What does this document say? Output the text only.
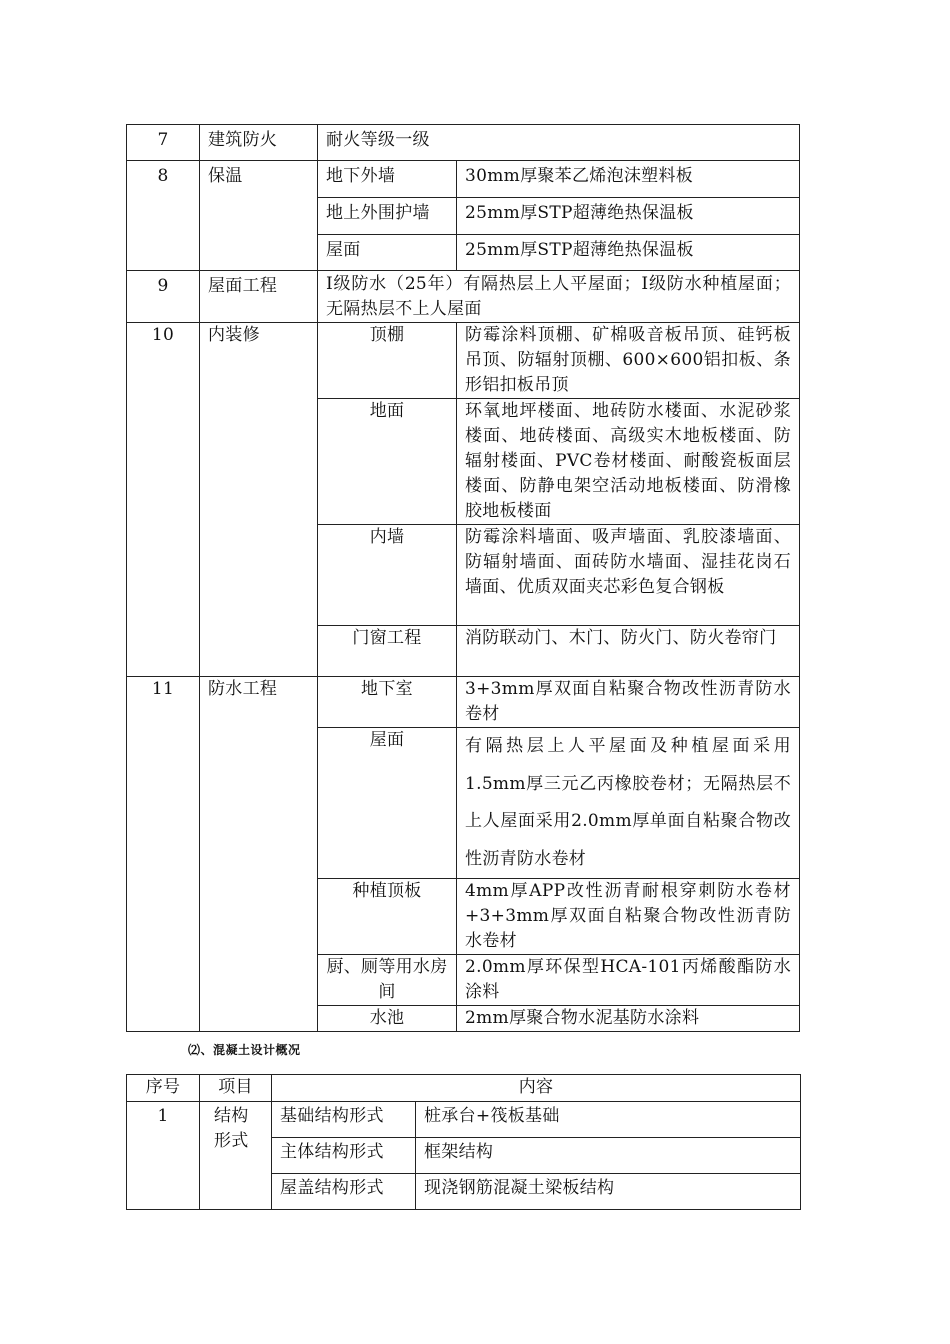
7	建筑防火	耐火等级一级	
8	保温	地下外墙	30mm厚聚苯乙烯泡沫塑料板
		地上外围护墙	25mm厚STP超薄绝热保温板
		屋面	25mm厚STP超薄绝热保温板
9	屋面工程	Ⅰ级防水（25年）有隔热层上人平屋面；Ⅰ级防水种植屋面；无隔热层不上人屋面	
10	内装修	顶棚	防霉涂料顶棚、矿棉吸音板吊顶、硅钙板吊顶、防辐射顶棚、600×600铝扣板、条形铝扣板吊顶
		地面	环氧地坪楼面、地砖防水楼面、水泥砂浆楼面、地砖楼面、高级实木地板楼面、防辐射楼面、PVC卷材楼面、耐酸瓷板面层楼面、防静电架空活动地板楼面、防滑橡胶地板楼面
		内墙	防霉涂料墙面、吸声墙面、乳胶漆墙面、防辐射墙面、面砖防水墙面、湿挂花岗石墙面、优质双面夹芯彩色复合钢板
		门窗工程	消防联动门、木门、防火门、防火卷帘门
11	防水工程	地下室	3+3mm厚双面自粘聚合物改性沥青防水卷材
		屋面	有隔热层上人平屋面及种植屋面采用1.5mm厚三元乙丙橡胶卷材；无隔热层不上人屋面采用2.0mm厚单面自粘聚合物改性沥青防水卷材
		种植顶板	4mm厚APP改性沥青耐根穿刺防水卷材+3+3mm厚双面自粘聚合物改性沥青防水卷材
		厨、厕等用水房间	2.0mm厚环保型HCA-101丙烯酸酯防水涂料
		水池	2mm厚聚合物水泥基防水涂料
⑵、混凝土设计概况
序号	项目	内容	
1	结构形式	基础结构形式	桩承台+筏板基础
		主体结构形式	框架结构
		屋盖结构形式	现浇钢筋混凝土梁板结构
